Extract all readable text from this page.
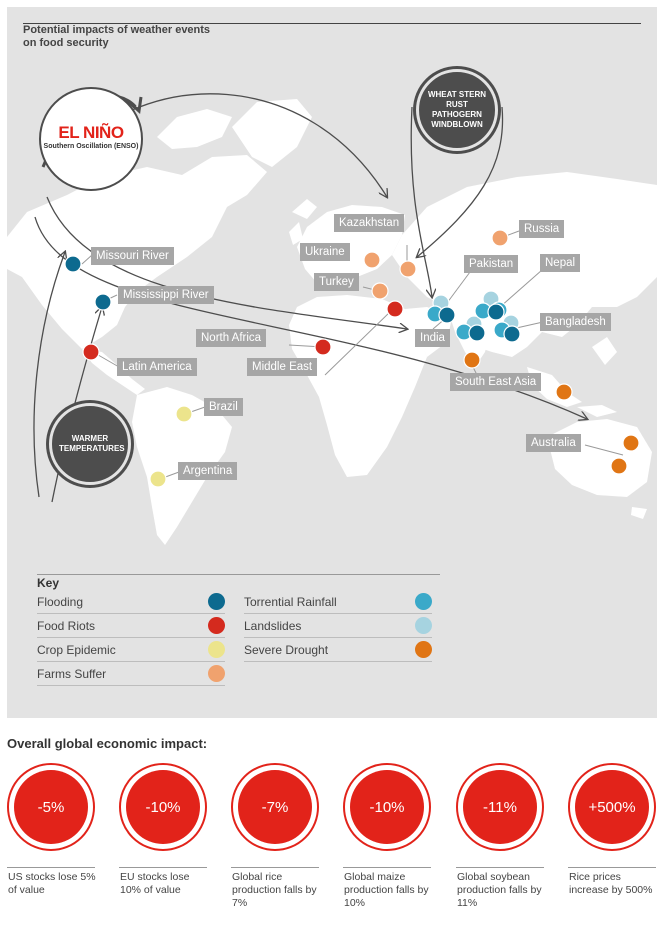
Potential impacts of weather events on food security
EL NIÑO
Southern Oscillation (ENSO)
WHEAT STERN RUST PATHOGERN WINDBLOWN
WARMER TEMPERATURES
Missouri River
Mississippi River
Latin America
Brazil
Argentina
North Africa
Middle East
Ukraine
Turkey
Kazakhstan	Russia
Pakistan	Nepal
India
Bangladesh
South East Asia
Australia
Key
Flooding
Food Riots
Crop Epidemic
Farms Suffer
Torrential Rainfall
Landslides
Severe Drought
Overall global economic impact:
-5%
US stocks lose 5% of value
-10%
EU stocks lose 10% of value
-7%
Global rice production falls by 7%
-10%
Global maize production falls by 10%
-11%
Global soybean production falls by 11%
+500%
Rice prices increase by 500%
